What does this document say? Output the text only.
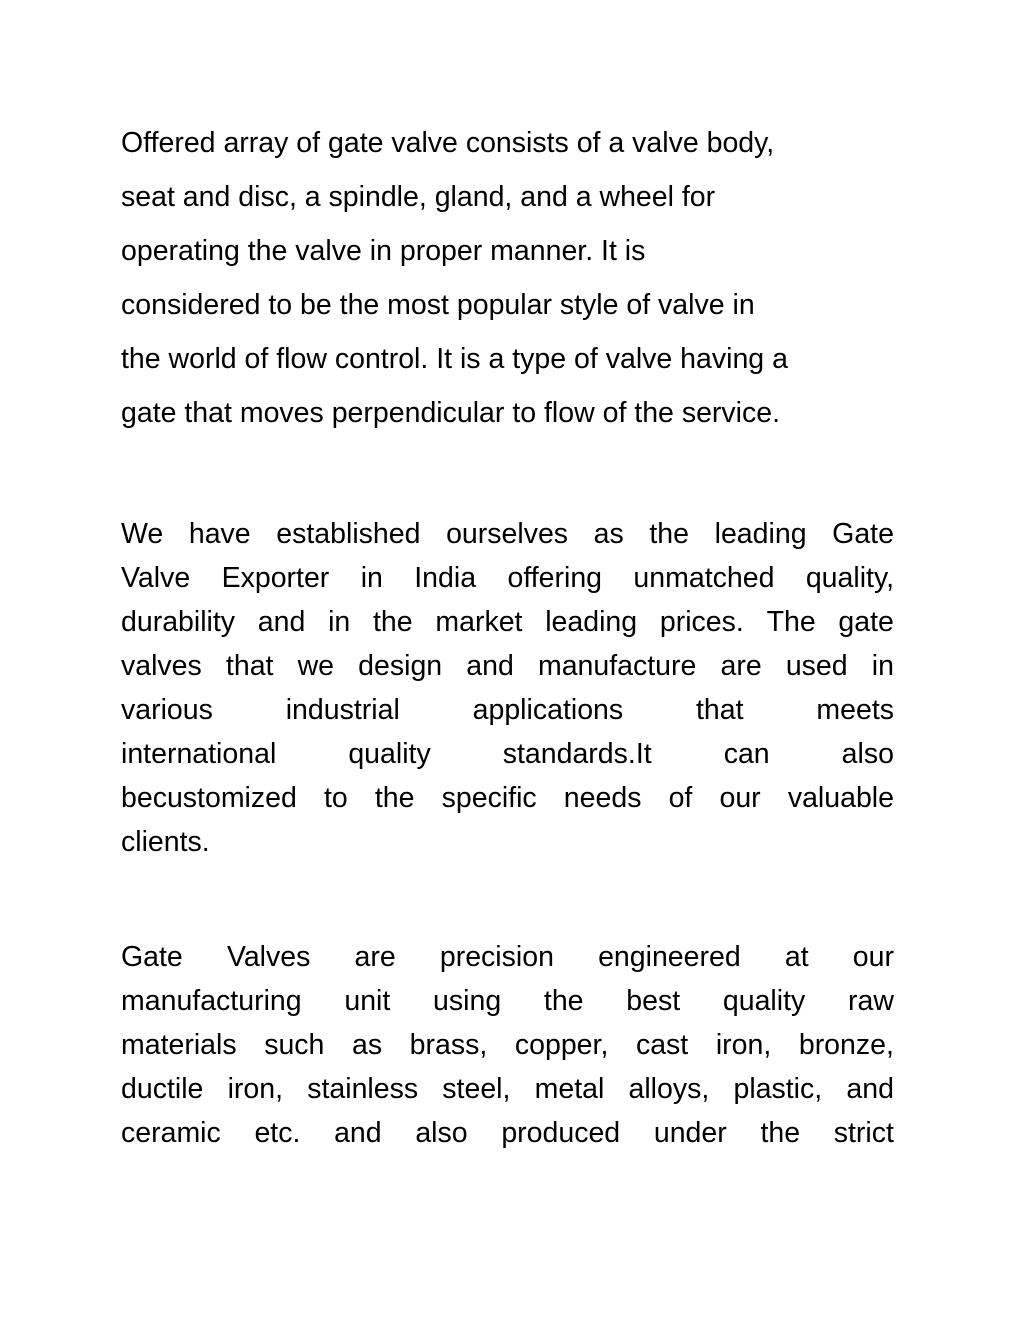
Offered array of gate valve consists of a valve body,

seat and disc, a spindle, gland, and a wheel for

operating the valve in proper manner. It is

considered to be the most popular style of valve in

the world of flow control. It is a type of valve having a

gate that moves perpendicular to flow of the service.

We have established ourselves as the leading Gate
Valve Exporter in India offering unmatched quality,
durability and in the market leading prices. The gate
valves that we design and manufacture are used in
various	industrial	applications	that	meets
international	quality	standards.It	can	also
becustomized to the specific needs of our valuable

clients.

Gate Valves are precision engineered at our
manufacturing unit using the best quality raw
materials such as brass, copper, cast iron, bronze,
ductile iron, stainless steel, metal alloys, plastic, and
ceramic etc. and also produced under the strict
